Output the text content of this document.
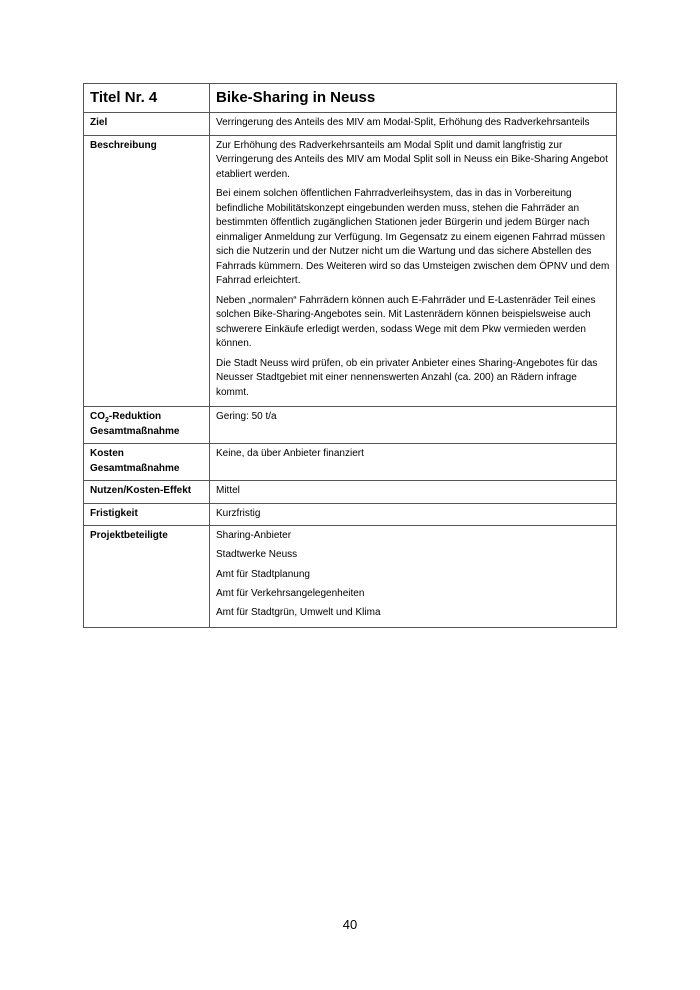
Titel Nr. 4	Bike-Sharing in Neuss
Ziel	Verringerung des Anteils des MIV am Modal-Split, Erhöhung des Radverkehrsanteils
Beschreibung	Zur Erhöhung des Radverkehrsanteils am Modal Split und damit langfristig zur Verringerung des Anteils des MIV am Modal Split soll in Neuss ein Bike-Sharing Angebot etabliert werden.

Bei einem solchen öffentlichen Fahrradverleihsystem, das in das in Vorbereitung befindliche Mobilitätskonzept eingebunden werden muss, stehen die Fahrräder an bestimmten öffentlich zugänglichen Stationen jeder Bürgerin und jedem Bürger nach einmaliger Anmeldung zur Verfügung. Im Gegensatz zu einem eigenen Fahrrad müssen sich die Nutzerin und der Nutzer nicht um die Wartung und das sichere Abstellen des Fahrrads kümmern. Des Weiteren wird so das Umsteigen zwischen dem ÖPNV und dem Fahrrad erleichtert.

Neben „normalen“ Fahrrädern können auch E-Fahrräder und E-Lastenräder Teil eines solchen Bike-Sharing-Angebotes sein. Mit Lastenrädern können beispielsweise auch schwerere Einkäufe erledigt werden, sodass Wege mit dem Pkw vermieden werden können.

Die Stadt Neuss wird prüfen, ob ein privater Anbieter eines Sharing-Angebotes für das Neusser Stadtgebiet mit einer nennenswerten Anzahl (ca. 200) an Rädern infrage kommt.

$CO_2$-Reduktion Gesamtmaßnahme	Gering: 50 t/a
Kosten Gesamtmaßnahme	Keine, da über Anbieter finanziert
Nutzen/Kosten-Effekt	Mittel
Fristigkeit	Kurzfristig
Projektbeteiligte	Sharing-Anbieter
Stadtwerke Neuss
Amt für Stadtplanung
Amt für Verkehrsangelegenheiten
Amt für Stadtgrün, Umwelt und Klima
40
